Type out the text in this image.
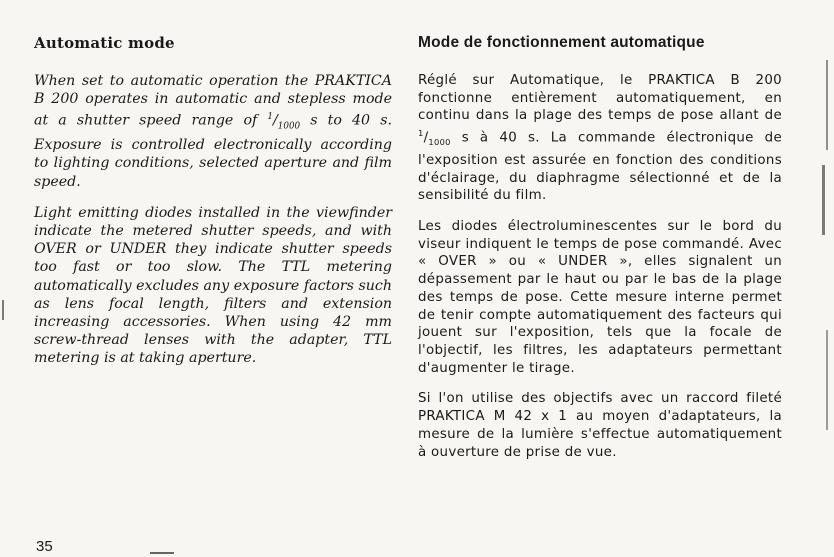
Automatic mode

When set to automatic operation the PRAKTICA B 200 operates in automatic and stepless mode at a shutter speed range of $^1/_{1000}$ s to 40 s. Exposure is controlled electronically according to lighting conditions, selected aperture and film speed.

Light emitting diodes installed in the viewfinder indicate the metered shutter speeds, and with OVER or UNDER they indicate shutter speeds too fast or too slow. The TTL metering automatically excludes any exposure factors such as lens focal length, filters and extension increasing accessories. When using 42 mm screw-thread lenses with the adapter, TTL metering is at taking aperture.

Mode de fonctionnement automatique

Réglé sur Automatique, le PRAKTICA B 200 fonctionne entièrement automatiquement, en continu dans la plage des temps de pose allant de $^1/_{1000}$ s à 40 s. La commande électronique de l'exposition est assurée en fonction des conditions d'éclairage, du diaphragme sélectionné et de la sensibilité du film.

Les diodes électroluminescentes sur le bord du viseur indiquent le temps de pose commandé. Avec « OVER » ou « UNDER », elles signalent un dépassement par le haut ou par le bas de la plage des temps de pose. Cette mesure interne permet de tenir compte automatiquement des facteurs qui jouent sur l'exposition, tels que la focale de l'objectif, les filtres, les adaptateurs permettant d'augmenter le tirage.

Si l'on utilise des objectifs avec un raccord fileté PRAKTICA M 42 x 1 au moyen d'adaptateurs, la mesure de la lumière s'effectue automatiquement à ouverture de prise de vue.

35
